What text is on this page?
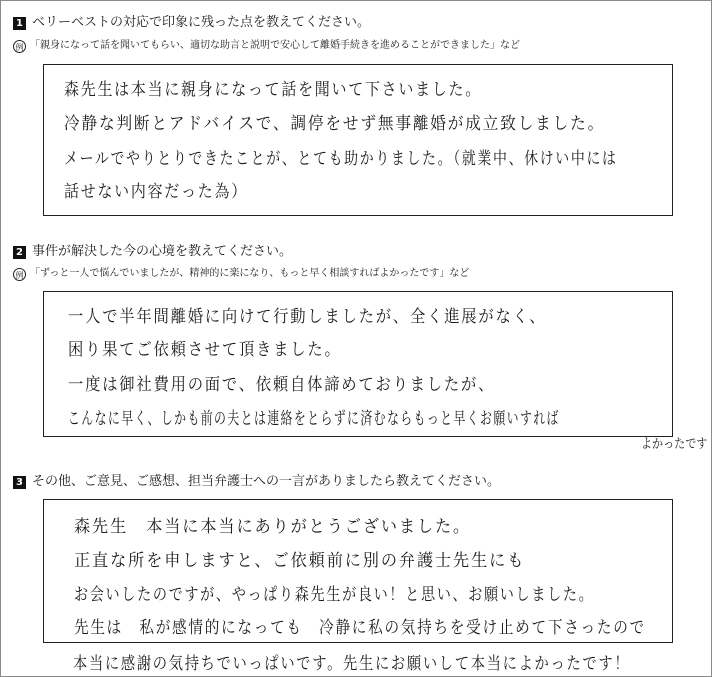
1 ベリーベストの対応で印象に残った点を教えてください。
例 「親身になって話を聞いてもらい、適切な助言と説明で安心して離婚手続きを進めることができました」など
森先生は本当に親身になって話を聞いて下さいました。
冷静な判断とアドバイスで、調停をせず無事離婚が成立致しました。
メールでやりとりできたことが、とても助かりました。（就業中、休けい中には
話せない内容だった為）
2 事件が解決した今の心境を教えてください。
例 「ずっと一人で悩んでいましたが、精神的に楽になり、もっと早く相談すればよかったです」など
一人で半年間離婚に向けて行動しましたが、全く進展がなく、
困り果てご依頼させて頂きました。
一度は御社費用の面で、依頼自体諦めておりましたが、
こんなに早く、しかも前の夫とは連絡をとらずに済むならもっと早くお願いすれば
よかったです
3 その他、ご意見、ご感想、担当弁護士への一言がありましたら教えてください。
森先生　本当に本当にありがとうございました。
正直な所を申しますと、ご依頼前に別の弁護士先生にも
お会いしたのですが、やっぱり森先生が良い！と思い、お願いしました。
先生は　私が感情的になっても　冷静に私の気持ちを受け止めて下さったので
本当に感謝の気持ちでいっぱいです。先生にお願いして本当によかったです！
